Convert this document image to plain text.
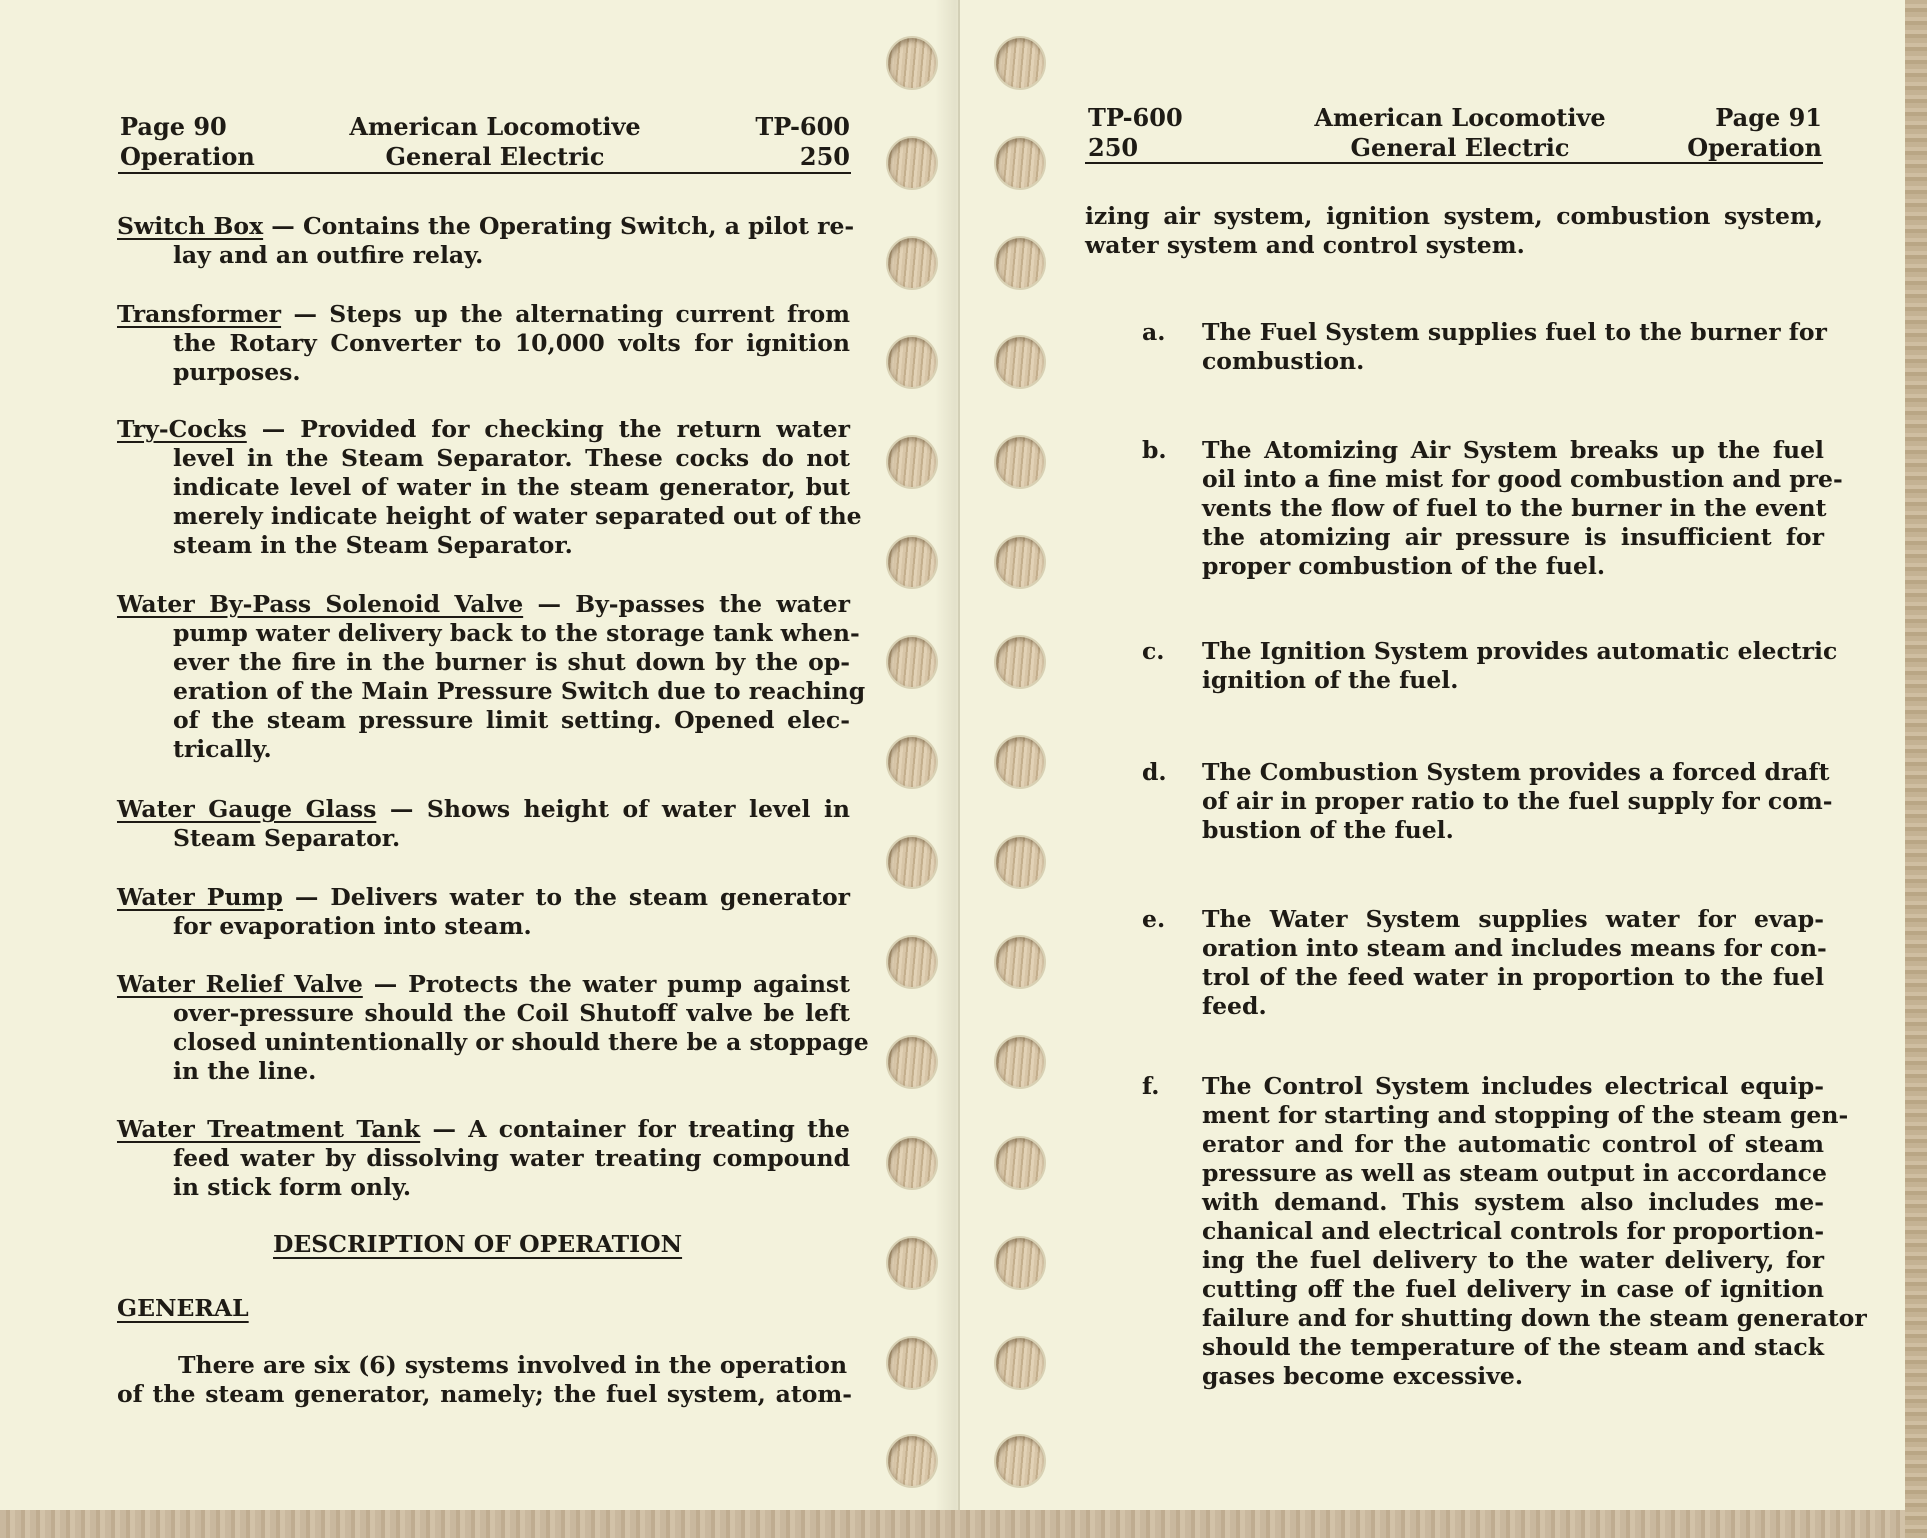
Page 90
Operation
American Locomotive
General Electric
TP-600
250
Switch Box — Contains the Operating Switch, a pilot re-
lay and an outfire relay.
Transformer — Steps up the alternating current from
the Rotary Converter to 10,000 volts for ignition
purposes.
Try-Cocks — Provided for checking the return water
level in the Steam Separator. These cocks do not
indicate level of water in the steam generator, but
merely indicate height of water separated out of the
steam in the Steam Separator.
Water By-Pass Solenoid Valve — By-passes the water
pump water delivery back to the storage tank when-
ever the fire in the burner is shut down by the op-
eration of the Main Pressure Switch due to reaching
of the steam pressure limit setting. Opened elec-
trically.
Water Gauge Glass — Shows height of water level in
Steam Separator.
Water Pump — Delivers water to the steam generator
for evaporation into steam.
Water Relief Valve — Protects the water pump against
over-pressure should the Coil Shutoff valve be left
closed unintentionally or should there be a stoppage
in the line.
Water Treatment Tank — A container for treating the
feed water by dissolving water treating compound
in stick form only.
DESCRIPTION OF OPERATION
GENERAL
There are six (6) systems involved in the operation
of the steam generator, namely; the fuel system, atom-
TP-600
250
American Locomotive
General Electric
Page 91
Operation
izing air system, ignition system, combustion system,
water system and control system.
a. The Fuel System supplies fuel to the burner for
combustion.
b. The Atomizing Air System breaks up the fuel
oil into a fine mist for good combustion and pre-
vents the flow of fuel to the burner in the event
the atomizing air pressure is insufficient for
proper combustion of the fuel.
c. The Ignition System provides automatic electric
ignition of the fuel.
d. The Combustion System provides a forced draft
of air in proper ratio to the fuel supply for com-
bustion of the fuel.
e. The Water System supplies water for evap-
oration into steam and includes means for con-
trol of the feed water in proportion to the fuel
feed.
f. The Control System includes electrical equip-
ment for starting and stopping of the steam gen-
erator and for the automatic control of steam
pressure as well as steam output in accordance
with demand. This system also includes me-
chanical and electrical controls for proportion-
ing the fuel delivery to the water delivery, for
cutting off the fuel delivery in case of ignition
failure and for shutting down the steam generator
should the temperature of the steam and stack
gases become excessive.
